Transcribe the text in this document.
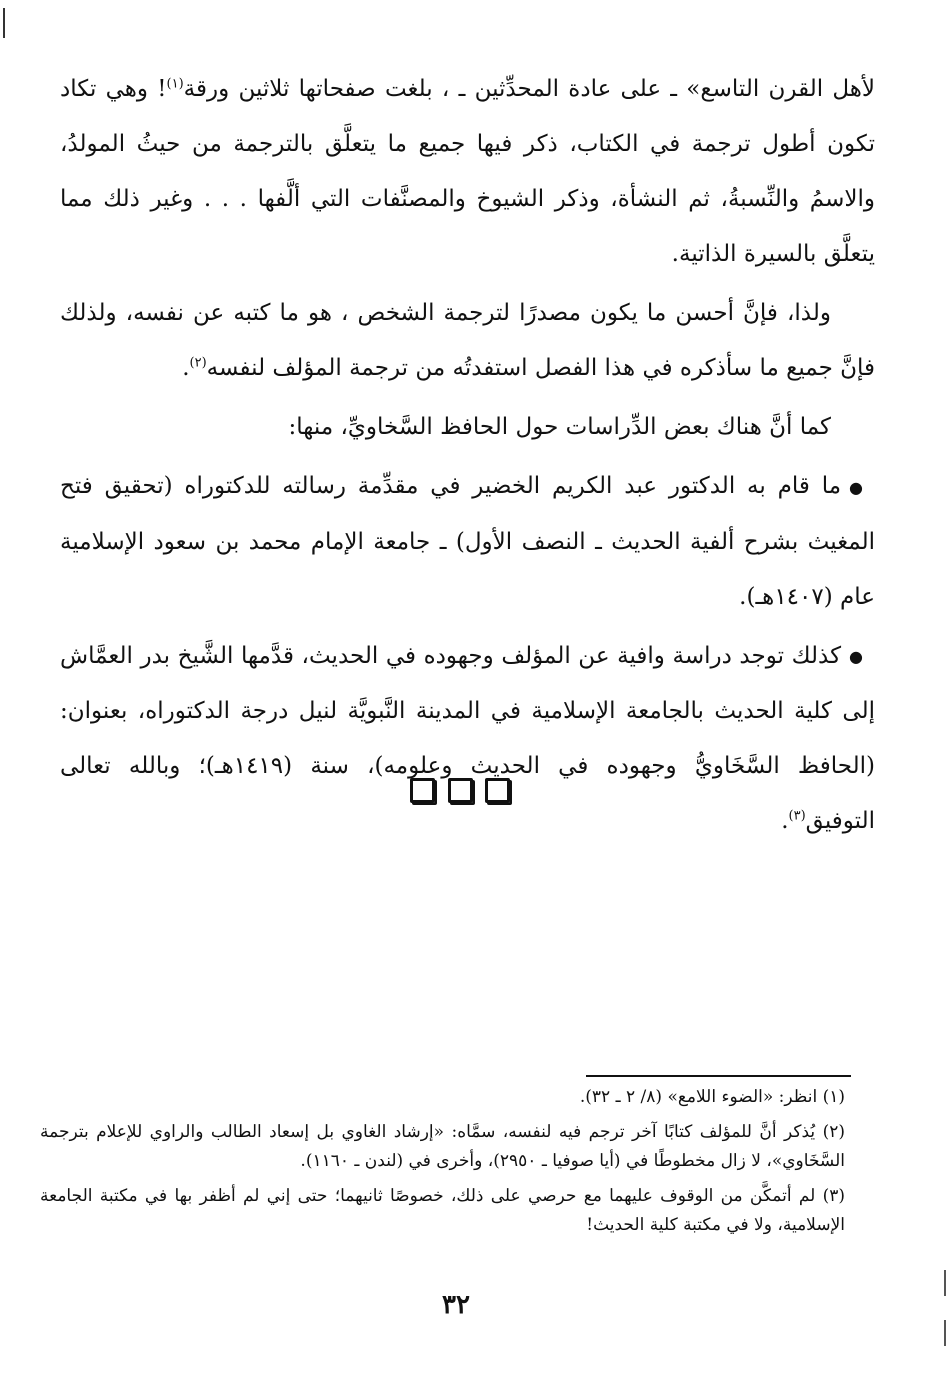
لأهل القرن التاسع» ـ على عادة المحدِّثين ـ ، بلغت صفحاتها ثلاثين ورقة$^{(١)}$! وهي تكاد تكون أطول ترجمة في الكتاب، ذكر فيها جميع ما يتعلَّق بالترجمة من حيثُ المولدُ، والاسمُ والنِّسبةُ، ثم النشأة، وذكر الشيوخ والمصنَّفات التي ألَّفها . . . وغير ذلك مما يتعلَّق بالسيرة الذاتية.

ولذا، فإنَّ أحسن ما يكون مصدرًا لترجمة الشخص ، هو ما كتبه عن نفسه، ولذلك فإنَّ جميع ما سأذكره في هذا الفصل استفدتُه من ترجمة المؤلف لنفسه$^{(٢)}$.

كما أنَّ هناك بعض الدِّراسات حول الحافظ السَّخاويِّ، منها:

●ما قام به الدكتور عبد الكريم الخضير في مقدِّمة رسالته للدكتوراه (تحقيق فتح المغيث بشرح ألفية الحديث ـ النصف الأول) ـ جامعة الإمام محمد بن سعود الإسلامية عام (١٤٠٧هـ).

●كذلك توجد دراسة وافية عن المؤلف وجهوده في الحديث، قدَّمها الشَّيخ بدر العمَّاش إلى كلية الحديث بالجامعة الإسلامية في المدينة النَّبويَّة لنيل درجة الدكتوراه، بعنوان: (الحافظ السَّخَاويُّ وجهوده في الحديث وعلومه)، سنة (١٤١٩هـ)؛ وبالله تعالى التوفيق$^{(٣)}$.

(١) انظر: «الضوء اللامع» (٨/ ٢ ـ ٣٢).

(٢) يُذكر أنَّ للمؤلف كتابًا آخر ترجم فيه لنفسه، سمَّاه: «إرشاد الغاوي بل إسعاد الطالب والراوي للإعلام بترجمة السَّخَاوي»، لا زال مخطوطًا في (أيا صوفيا ـ ٢٩٥٠)، وأخرى في (لندن ـ ١١٦٠).

(٣) لم أتمكَّن من الوقوف عليهما مع حرصي على ذلك، خصوصًا ثانيهما؛ حتى إني لم أظفر بها في مكتبة الجامعة الإسلامية، ولا في مكتبة كلية الحديث!

٣٢
